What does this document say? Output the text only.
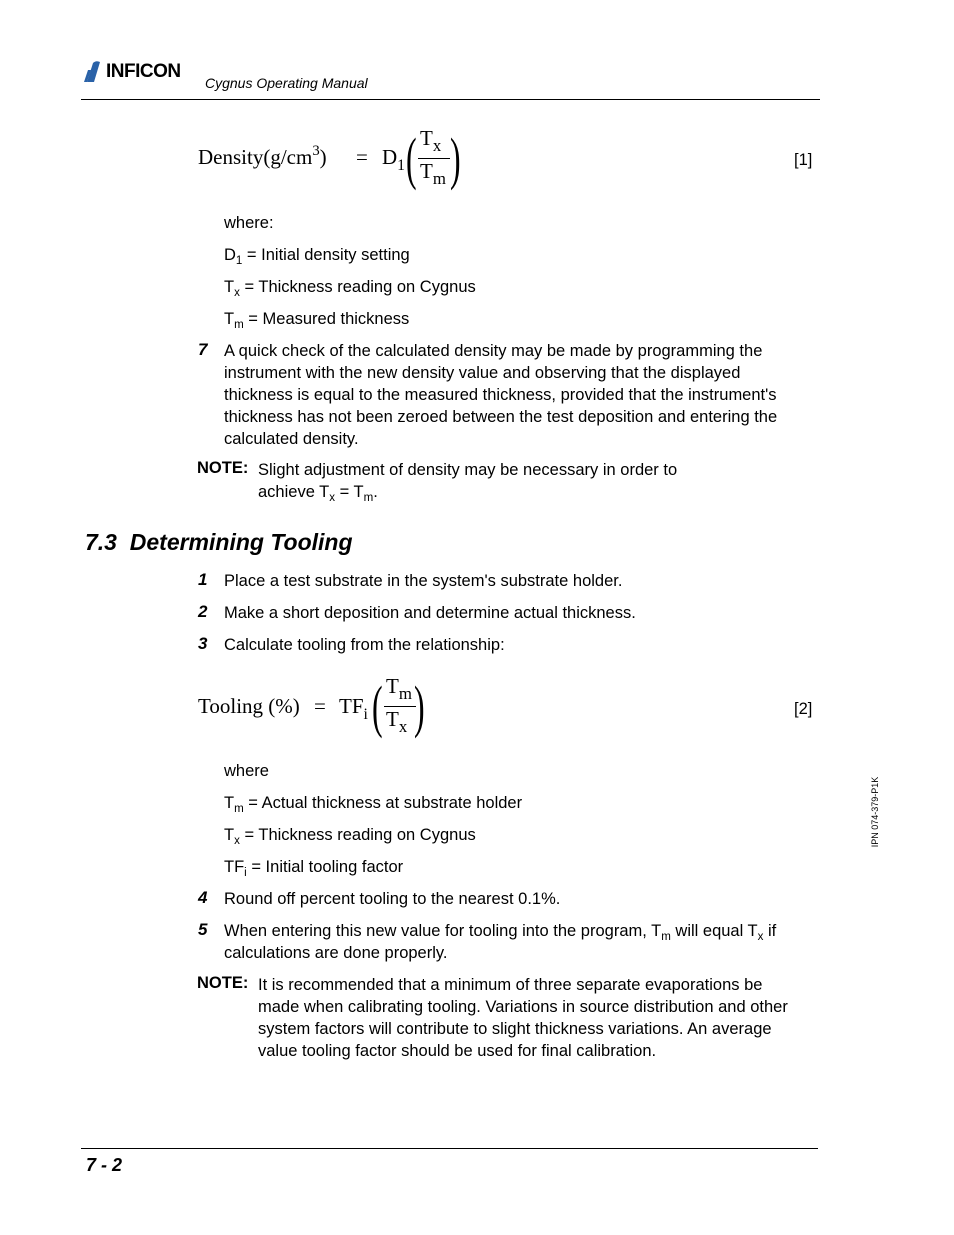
INFICON
Cygnus Operating Manual
$Density(g/cm^3) = D_1$ ( $T_x$
$T_m$ )	[1]
where:
$D_1$ = Initial density setting
$T_x$ = Thickness reading on Cygnus
$T_m$ = Measured thickness
7 A quick check of the calculated density may be made by programming the
instrument with the new density value and observing that the displayed
thickness is equal to the measured thickness, provided that the instrument's
thickness has not been zeroed between the test deposition and entering the
calculated density.
NOTE: Slight adjustment of density may be necessary in order to
achieve $T_x = T_m$.
7.3  Determining Tooling
1 Place a test substrate in the system's substrate holder.
2 Make a short deposition and determine actual thickness.
3 Calculate tooling from the relationship:
Tooling (%) = $TF_i$ ( $T_m$
$T_x$ )	[2]
where
$T_m$ = Actual thickness at substrate holder
$T_x$ = Thickness reading on Cygnus
$TF_i$ = Initial tooling factor
4 Round off percent tooling to the nearest 0.1%.
5 When entering this new value for tooling into the program, $T_m$ will equal $T_x$ if
calculations are done properly.
NOTE: It is recommended that a minimum of three separate evaporations be
made when calibrating tooling. Variations in source distribution and other
system factors will contribute to slight thickness variations. An average
value tooling factor should be used for final calibration.
IPN 074-379-P1K
7 - 2
